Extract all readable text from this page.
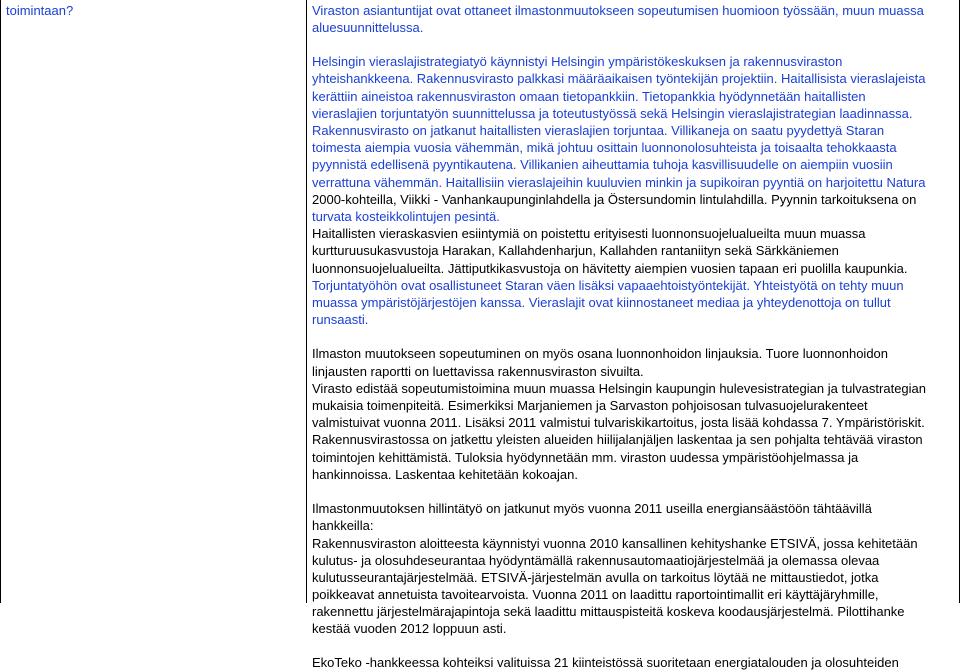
toimintaan?	Viraston asiantuntijat ovat ottaneet ilmastonmuutokseen sopeutumisen huomioon työssään, muun muassa
aluesuunnittelussa.
Helsingin vieraslajistrategiatyö käynnistyi Helsingin ympäristökeskuksen ja rakennusviraston
yhteishankkeena. Rakennusvirasto palkkasi määräaikaisen työntekijän projektiin. Haitallisista vieraslajeista
kerättiin aineistoa rakennusviraston omaan tietopankkiin. Tietopankkia hyödynnetään haitallisten
vieraslajien torjuntatyön suunnittelussa ja toteutustyössä sekä Helsingin vieraslajistrategian laadinnassa.
Rakennusvirasto on jatkanut haitallisten vieraslajien torjuntaa. Villikaneja on saatu pyydettyä Staran
toimesta aiempia vuosia vähemmän, mikä johtuu osittain luonnonolosuhteista ja toisaalta tehokkaasta
pyynnistä edellisenä pyyntikautena. Villikanien aiheuttamia tuhoja kasvillisuudelle on aiempiin vuosiin
verrattuna vähemmän. Haitallisiin vieraslajeihin kuuluvien minkin ja supikoiran pyyntiä on harjoitettu Natura
2000-kohteilla, Viikki - Vanhankaupunginlahdella ja Östersundomin lintulahdilla. Pyynnin tarkoituksena on
turvata kosteikkolintujen pesintä.
Haitallisten vieraskasvien esiintymiä on poistettu erityisesti luonnonsuojelualueilta muun muassa
kurtturuusukasvustoja Harakan, Kallahdenharjun, Kallahden rantaniityn sekä Särkkäniemen
luonnonsuojelualueilta. Jättiputkikasvustoja on hävitetty aiempien vuosien tapaan eri puolilla kaupunkia.
Torjuntatyöhön ovat osallistuneet Staran väen lisäksi vapaaehtoistyöntekijät. Yhteistyötä on tehty muun
muassa ympäristöjärjestöjen kanssa. Vieraslajit ovat kiinnostaneet mediaa ja yhteydenottoja on tullut
runsaasti.
Ilmaston muutokseen sopeutuminen on myös osana luonnonhoidon linjauksia. Tuore luonnonhoidon
linjausten raportti on luettavissa rakennusviraston sivuilta.
Virasto edistää sopeutumistoimina muun muassa Helsingin kaupungin hulevesistrategian ja tulvastrategian
mukaisia toimenpiteitä. Esimerkiksi Marjaniemen ja Sarvaston pohjoisosan tulvasuojelurakenteet
valmistuivat vuonna 2011. Lisäksi 2011 valmistui tulvariskikartoitus, josta lisää kohdassa 7. Ympäristöriskit.
Rakennusvirastossa on jatkettu yleisten alueiden hiilijalanjäljen laskentaa ja sen pohjalta tehtävää viraston
toimintojen kehittämistä. Tuloksia hyödynnetään mm. viraston uudessa ympäristöohjelmassa ja
hankinnoissa. Laskentaa kehitetään kokoajan.
Ilmastonmuutoksen hillintätyö on jatkunut myös vuonna 2011 useilla energiansäästöön tähtäävillä
hankkeilla:
Rakennusviraston aloitteesta käynnistyi vuonna 2010 kansallinen kehityshanke ETSIVÄ, jossa kehitetään
kulutus- ja olosuhdeseurantaa hyödyntämällä rakennusautomaatiojärjestelmää ja olemassa olevaa
kulutusseurantajärjestelmää. ETSIVÄ-järjestelmän avulla on tarkoitus löytää ne mittaustiedot, jotka
poikkeavat annetuista tavoitearvoista. Vuonna 2011 on laadittu raportointimallit eri käyttäjäryhmille,
rakennettu järjestelmärajapintoja sekä laadittu mittauspisteitä koskeva koodausjärjestelmä. Pilottihanke
kestää vuoden 2012 loppuun asti.
EkoTeko -hankkeessa kohteiksi valituissa 21 kiinteistössä suoritetaan energiatalouden ja olosuhteiden
